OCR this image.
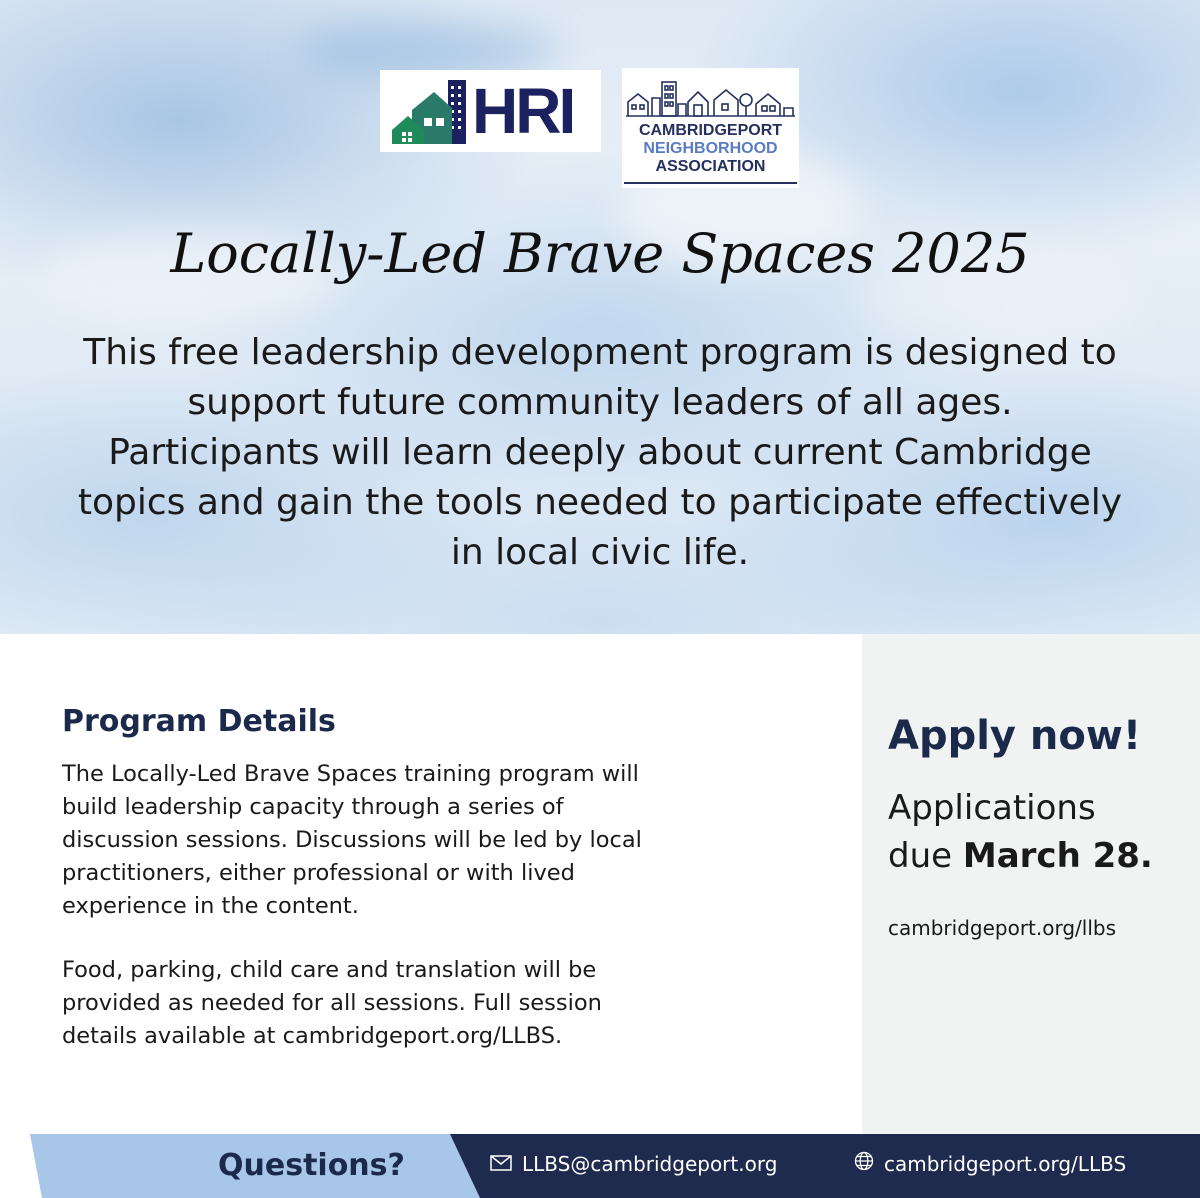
HRI	CAMBRIDGEPORT
NEIGHBORHOOD
ASSOCIATION
Locally-Led Brave Spaces 2025
This free leadership development program is designed to
support future community leaders of all ages.
Participants will learn deeply about current Cambridge
topics and gain the tools needed to participate effectively
in local civic life.
Program Details
The Locally-Led Brave Spaces training program will
build leadership capacity through a series of
discussion sessions. Discussions will be led by local
practitioners, either professional or with lived
experience in the content.
Food, parking, child care and translation will be
provided as needed for all sessions. Full session
details available at cambridgeport.org/LLBS.
Apply now!
Applications
due March 28.
cambridgeport.org/llbs
Questions?	LLBS@cambridgeport.org	cambridgeport.org/LLBS
